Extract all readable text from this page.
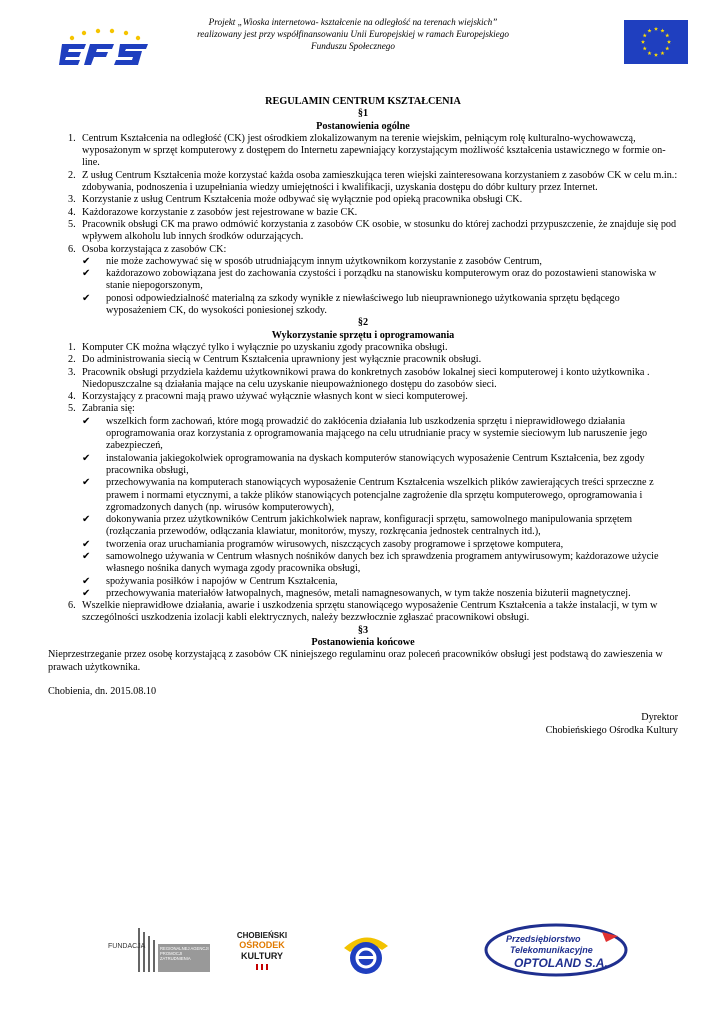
Projekt „Wioska internetowa- kształcenie na odległość na terenach wiejskich” realizowany jest przy współfinansowaniu Unii Europejskiej w ramach Europejskiego Funduszu Społecznego
REGULAMIN CENTRUM KSZTAŁCENIA
§1
Postanowienia ogólne
1. Centrum Kształcenia na odległość (CK) jest ośrodkiem zlokalizowanym na terenie wiejskim, pełniącym rolę kulturalno-wychowawczą, wyposażonym w sprzęt komputerowy z dostępem do Internetu zapewniający korzystającym możliwość kształcenia ustawicznego w formie on-line.
2. Z usług Centrum Kształcenia może korzystać każda osoba zamieszkująca teren wiejski zainteresowana korzystaniem z zasobów CK w celu m.in.: zdobywania, podnoszenia i uzupełniania wiedzy umiejętności i kwalifikacji, uzyskania dostępu do dóbr kultury przez Internet.
3. Korzystanie z usług Centrum Kształcenia może odbywać się wyłącznie pod opieką pracownika obsługi CK.
4. Każdorazowe korzystanie z zasobów jest rejestrowane w bazie CK.
5. Pracownik obsługi CK ma prawo odmówić korzystania z zasobów CK osobie, w stosunku do której zachodzi przypuszczenie, że znajduje się pod wpływem alkoholu lub innych środków odurzających.
6. Osoba korzystająca z zasobów CK:
✔ nie może zachowywać się w sposób utrudniającym innym użytkownikom korzystanie z zasobów Centrum,
✔ każdorazowo zobowiązana jest do zachowania czystości i porządku na stanowisku komputerowym oraz do pozostawieni stanowiska w stanie niepogorszonym,
✔ ponosi odpowiedzialność materialną za szkody wynikłe z niewłaściwego lub nieuprawnionego użytkowania sprzętu będącego wyposażeniem CK, do wysokości poniesionej szkody.
§2
Wykorzystanie sprzętu i oprogramowania
1. Komputer CK można włączyć tylko i wyłącznie po uzyskaniu zgody pracownika obsługi.
2. Do administrowania siecią w Centrum Kształcenia uprawniony jest wyłącznie pracownik obsługi.
3. Pracownik obsługi przydziela każdemu użytkownikowi prawa do konkretnych zasobów lokalnej sieci komputerowej i konto użytkownika . Niedopuszczalne są działania mające na celu uzyskanie nieupoważnionego dostępu do zasobów sieci.
4. Korzystający z pracowni mają prawo używać wyłącznie własnych kont w sieci komputerowej.
5. Zabrania się:
✔ wszelkich form zachowań, które mogą prowadzić do zakłócenia działania lub uszkodzenia sprzętu i nieprawidłowego działania oprogramowania oraz korzystania z oprogramowania mającego na celu utrudnianie pracy w systemie sieciowym lub naruszenie jego zabezpieczeń,
✔ instalowania jakiegokolwiek oprogramowania na dyskach komputerów stanowiących wyposażenie Centrum Kształcenia, bez zgody pracownika obsługi,
✔ przechowywania na komputerach stanowiących wyposażenie Centrum Kształcenia wszelkich plików zawierających treści sprzeczne z prawem i normami etycznymi, a także plików stanowiących potencjalne zagrożenie dla sprzętu komputerowego, oprogramowania i zgromadzonych danych (np. wirusów komputerowych),
✔ dokonywania przez użytkowników Centrum jakichkolwiek napraw, konfiguracji sprzętu, samowolnego manipulowania sprzętem (rozłączania przewodów, odłączania klawiatur, monitorów, myszy, rozkręcania jednostek centralnych itd.),
✔ tworzenia oraz uruchamiania programów wirusowych, niszczących zasoby programowe i sprzętowe komputera,
✔ samowolnego używania w Centrum własnych nośników danych bez ich sprawdzenia programem antywirusowym; każdorazowe użycie własnego nośnika danych wymaga zgody pracownika obsługi,
✔ spożywania posiłków i napojów w Centrum Kształcenia,
✔ przechowywania materiałów łatwopalnych, magnesów, metali namagnesowanych, w tym także noszenia biżuterii magnetycznej.
6. Wszelkie nieprawidłowe działania, awarie i uszkodzenia sprzętu stanowiącego wyposażenie Centrum Kształcenia a także instalacji, w tym w szczególności uszkodzenia izolacji kabli elektrycznych, należy bezzwłocznie zgłaszać pracownikowi obsługi.
§3
Postanowienia końcowe

Nieprzestrzeganie przez osobę korzystającą z zasobów CK niniejszego regulaminu oraz poleceń pracowników obsługi jest podstawą do zawieszenia w prawach użytkownika.

Chobienia, dn. 2015.08.10
Dyrektor
Chobieńskiego Ośrodka Kultury
FUNDACJA	REGIONALNEJ AGENCJI PROMOCJI ZATRUDNIENIA
CHOBIEŃSKI
OŚRODEK
KULTURY
Przedsiębiorstwo
Telekomunikacyjne
OPTOLAND S.A.
